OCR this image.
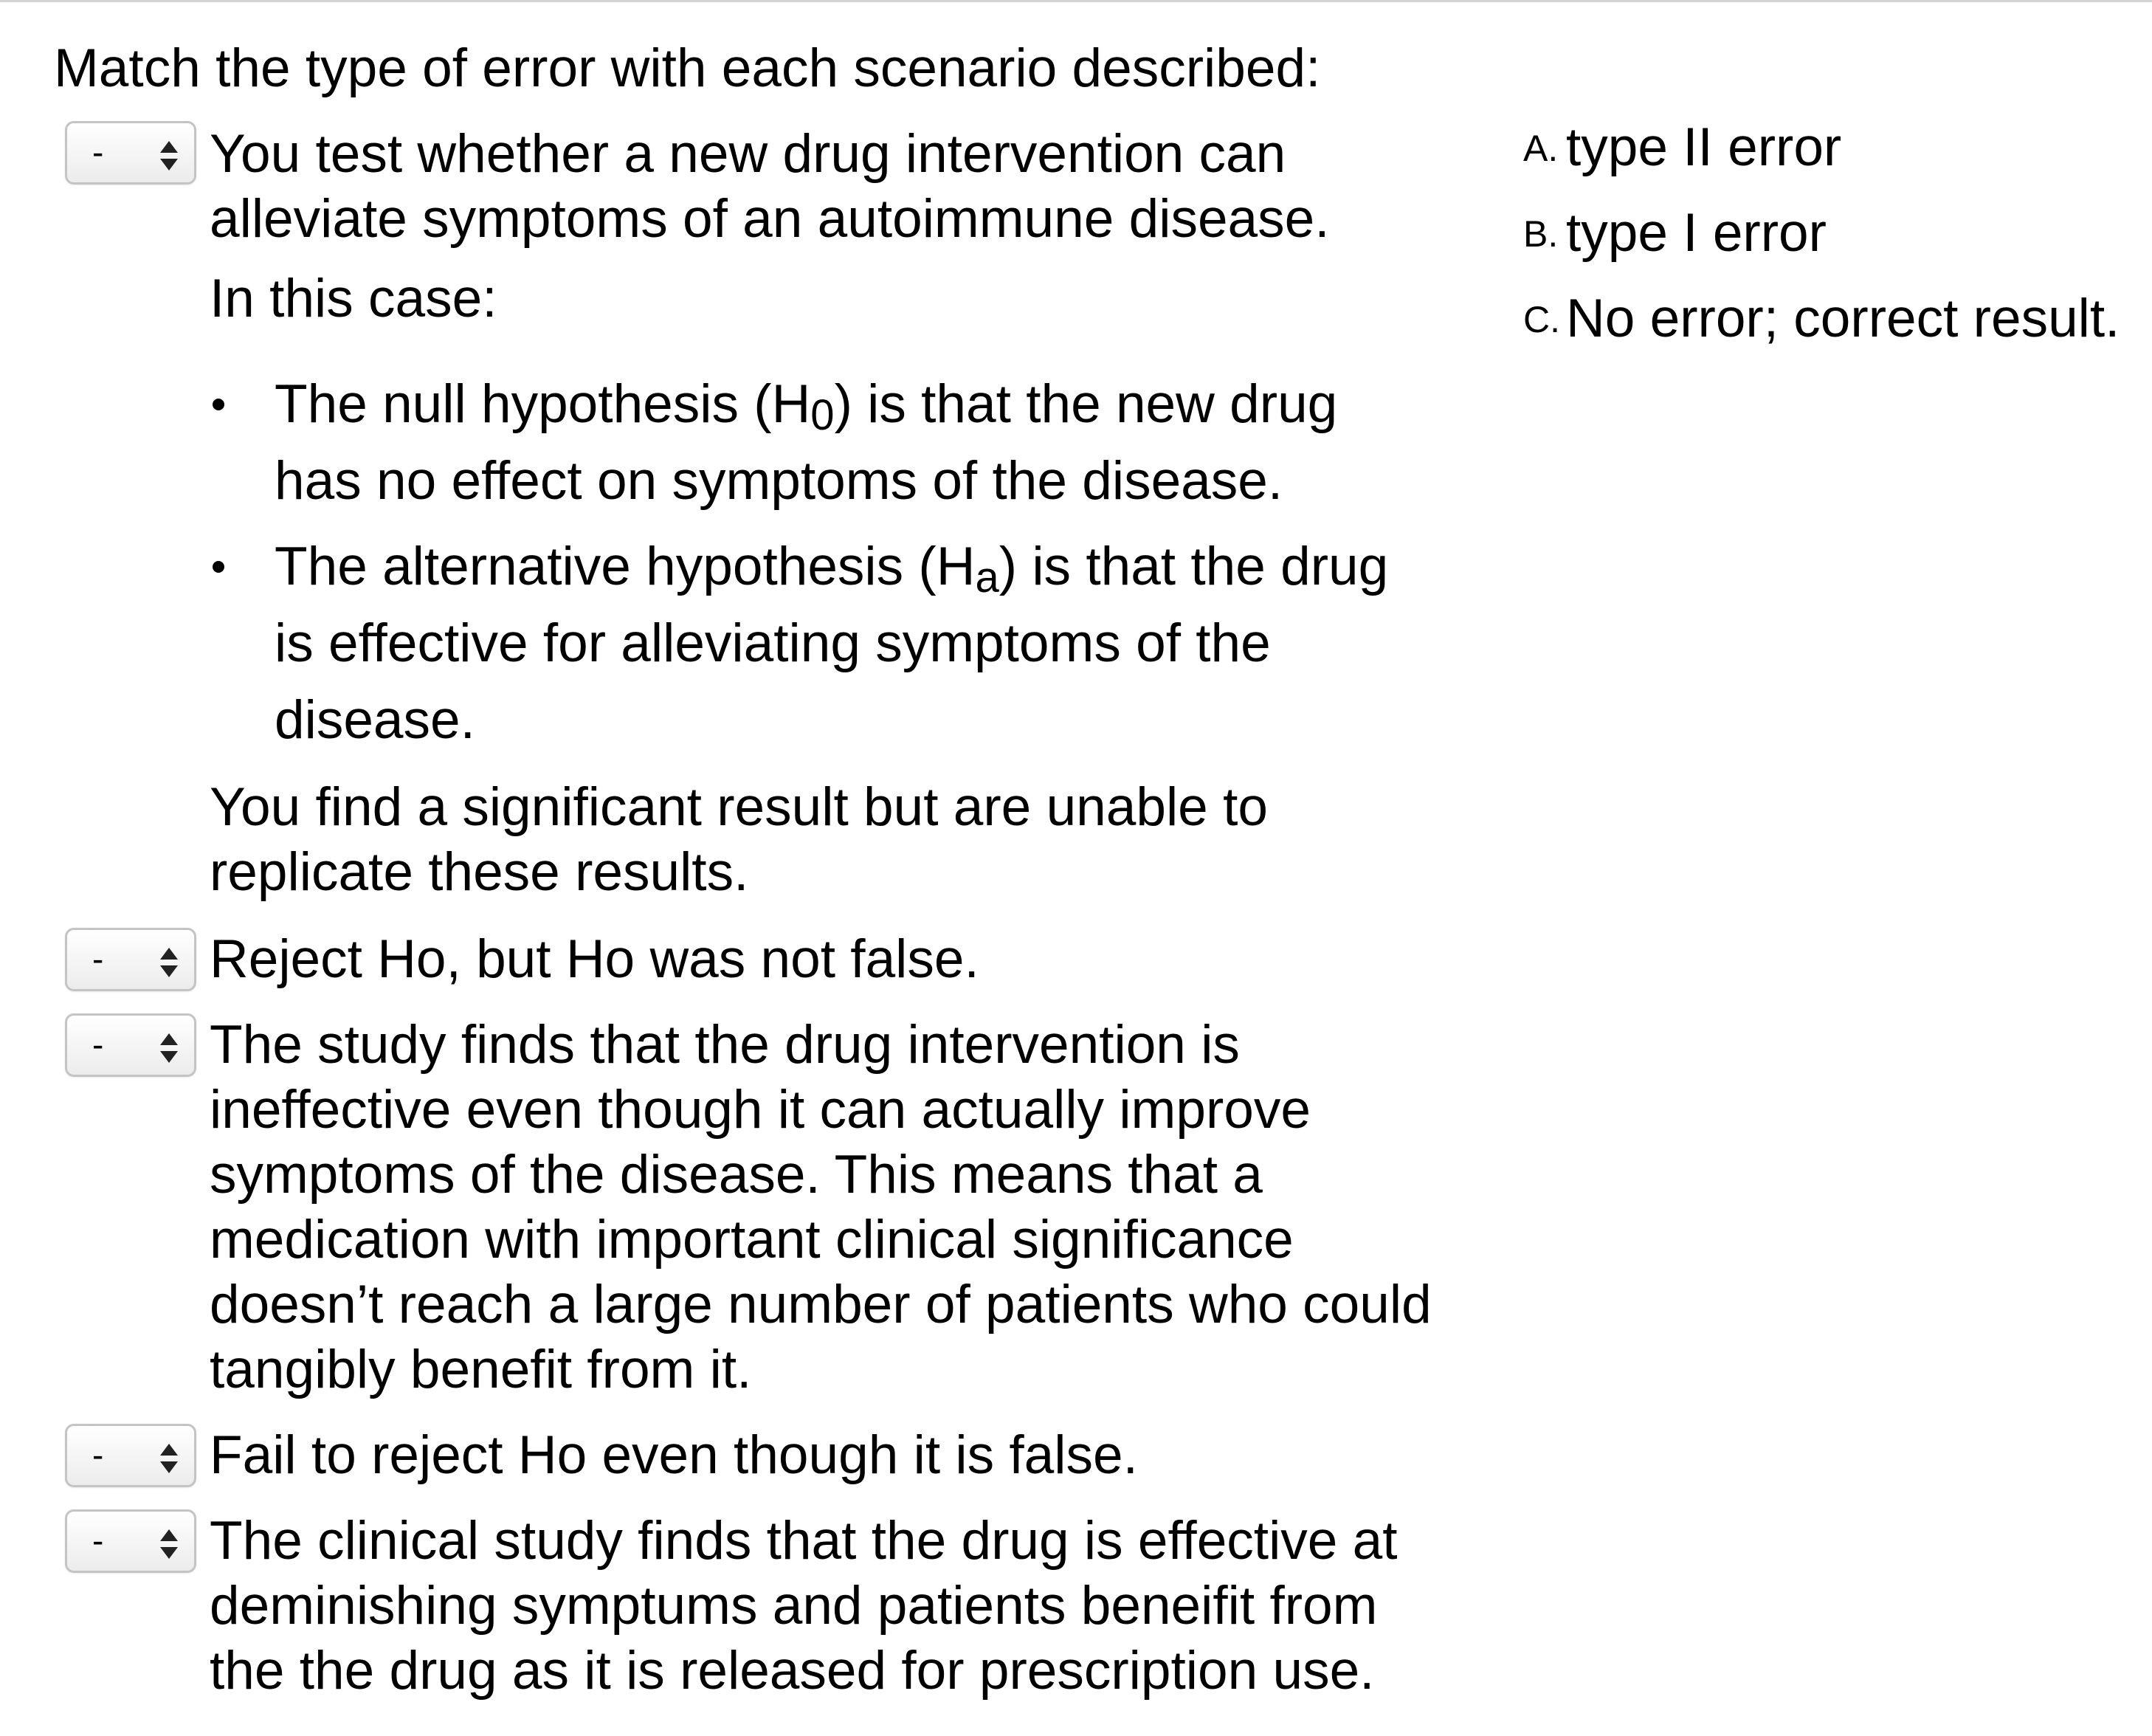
Match the type of error with each scenario described:
- You test whether a new drug intervention can
alleviate symptoms of an autoimmune disease.
In this case:
The null hypothesis $(H_0)$ is that the new drug
has no effect on symptoms of the disease.
The alternative hypothesis $(H_a)$ is that the drug
is effective for alleviating symptoms of the
disease.
You find a significant result but are unable to
replicate these results.
- Reject Ho, but Ho was not false.
- The study finds that the drug intervention is
ineffective even though it can actually improve
symptoms of the disease. This means that a
medication with important clinical significance
doesn’t reach a large number of patients who could
tangibly benefit from it.
- Fail to reject Ho even though it is false.
- The clinical study finds that the drug is effective at
deminishing symptums and patients beneifit from
the the drug as it is released for prescription use.
A. type II error
B. type I error
C. No error; correct result.
